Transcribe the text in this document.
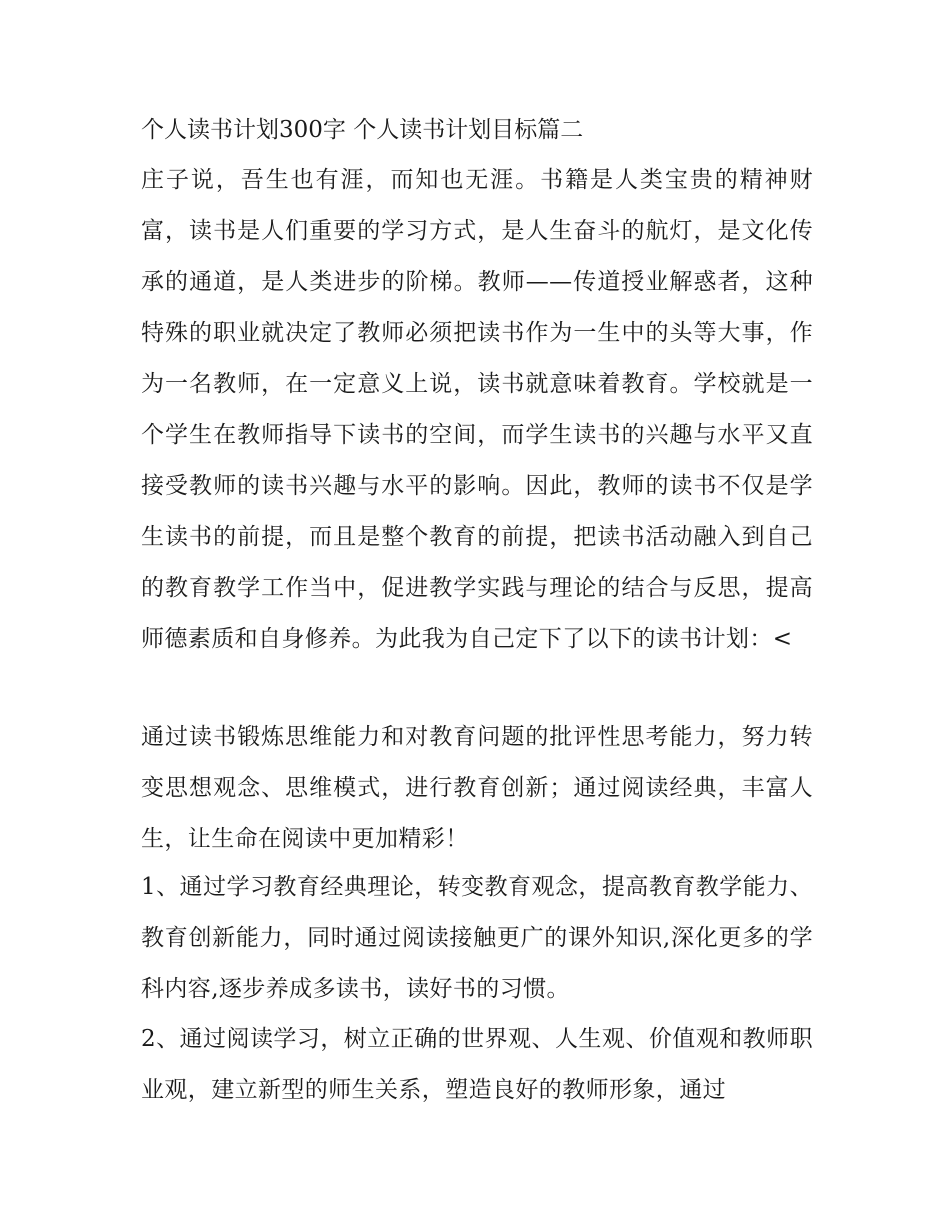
个人读书计划300字 个人读书计划目标篇二

庄子说，吾生也有涯，而知也无涯。书籍是人类宝贵的精神财富，读书是人们重要的学习方式，是人生奋斗的航灯，是文化传承的通道，是人类进步的阶梯。教师——传道授业解惑者，这种特殊的职业就决定了教师必须把读书作为一生中的头等大事，作为一名教师，在一定意义上说，读书就意味着教育。学校就是一个学生在教师指导下读书的空间，而学生读书的兴趣与水平又直接受教师的读书兴趣与水平的影响。因此，教师的读书不仅是学生读书的前提，而且是整个教育的前提，把读书活动融入到自己的教育教学工作当中，促进教学实践与理论的结合与反思，提高师德素质和自身修养。为此我为自己定下了以下的读书计划：<

通过读书锻炼思维能力和对教育问题的批评性思考能力，努力转变思想观念、思维模式，进行教育创新；通过阅读经典，丰富人生，让生命在阅读中更加精彩！

1、通过学习教育经典理论，转变教育观念，提高教育教学能力、教育创新能力，同时通过阅读接触更广的课外知识,深化更多的学科内容,逐步养成多读书，读好书的习惯。

2、通过阅读学习，树立正确的世界观、人生观、价值观和教师职业观，建立新型的师生关系，塑造良好的教师形象，通过
